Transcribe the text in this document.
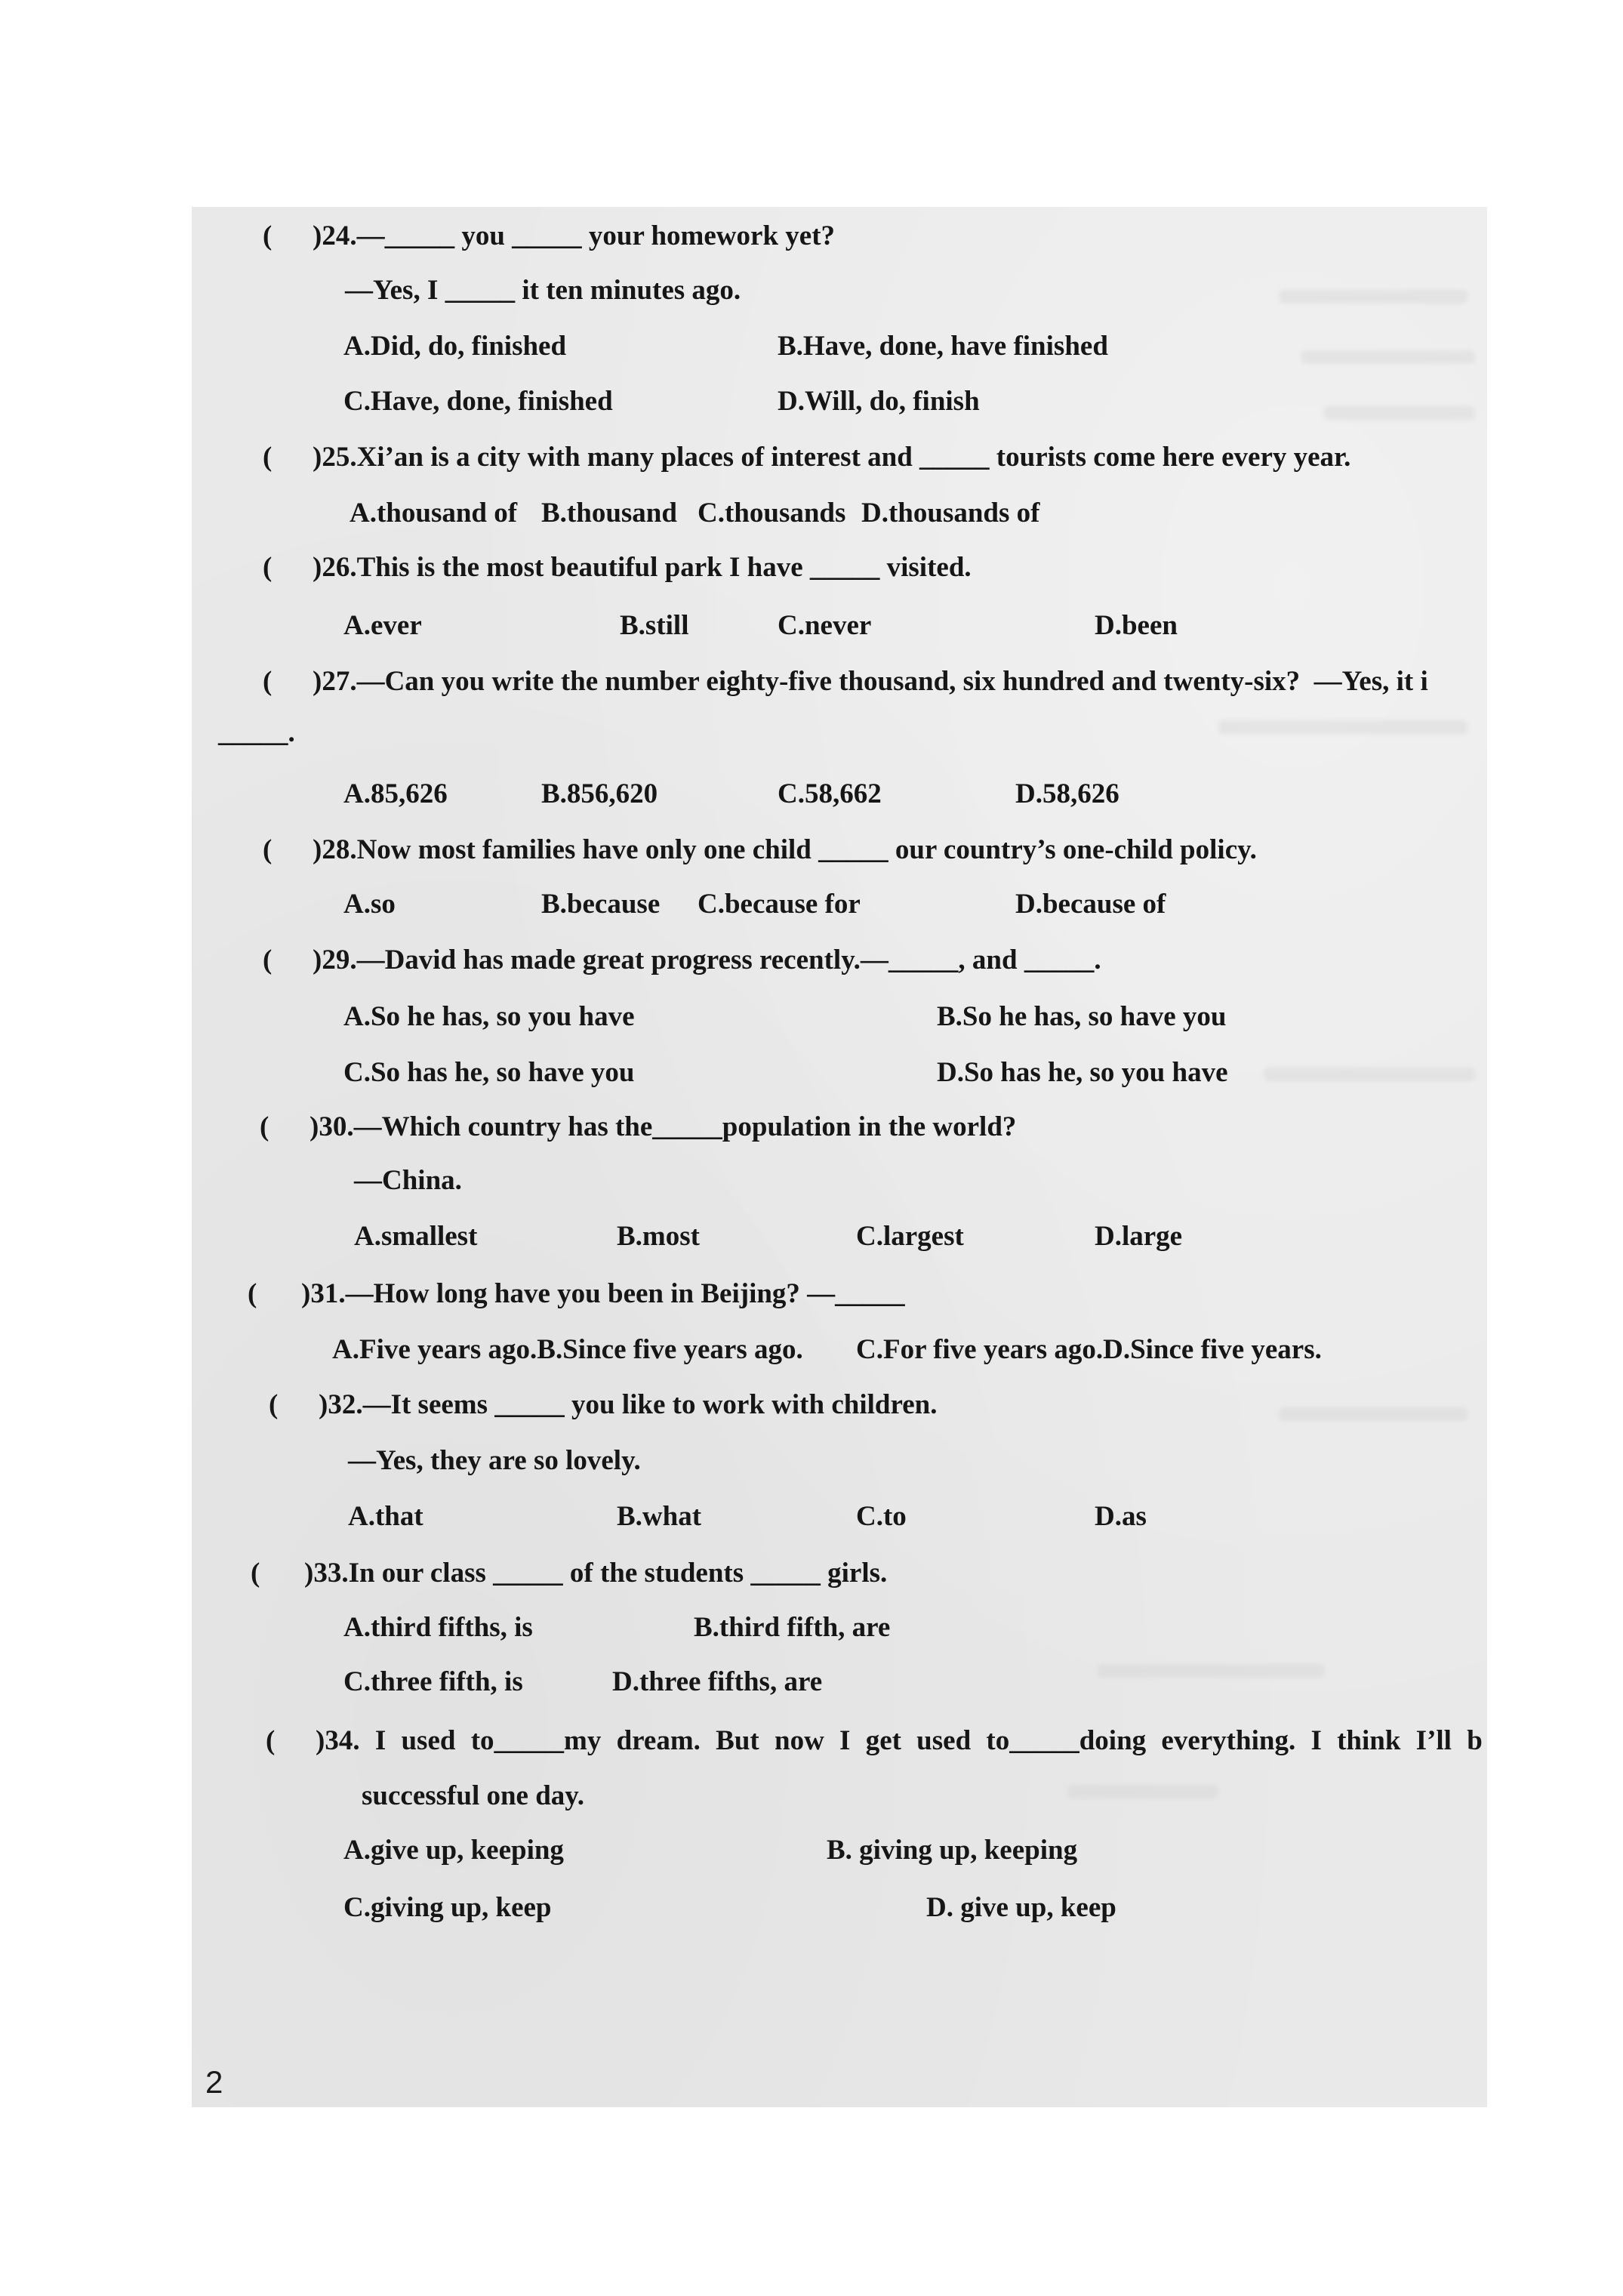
( )24.—_____ you _____ your homework yet?
—Yes, I _____ it ten minutes ago.
A.Did, do, finished	B.Have, done, have finished
C.Have, done, finished	D.Will, do, finish
( )25.Xi’an is a city with many places of interest and _____ tourists come here every year.
A.thousand of B.thousand C.thousands D.thousands of
( )26.This is the most beautiful park I have _____ visited.
A.ever	B.still	C.never	D.been
( )27.—Can you write the number eighty-five thousand, six hundred and twenty-six?  —Yes, it i
_____.
A.85,626	B.856,620	C.58,662	D.58,626
( )28.Now most families have only one child _____ our country’s one-child policy.
A.so	B.because C.because for	D.because of
( )29.—David has made great progress recently.—_____, and _____.
A.So he has, so you have	B.So he has, so have you
C.So has he, so have you	D.So has he, so you have
( )30.—Which country has the_____population in the world?
—China.
A.smallest	B.most	C.largest	D.large
( )31.—How long have you been in Beijing? —_____
A.Five years ago.B.Since five years ago. C.For five years ago.D.Since five years.
( )32.—It seems _____ you like to work with children.
—Yes, they are so lovely.
A.that	B.what	C.to	D.as
( )33.In our class _____ of the students _____ girls.
A.third fifths, is	B.third fifth, are
C.three fifth, is	D.three fifths, are
( )34. I used to_____my dream. But now I get used to_____doing everything. I think I’ll b
successful one day.
A.give up, keeping	B. giving up, keeping
C.giving up, keep	D. give up, keep
2
